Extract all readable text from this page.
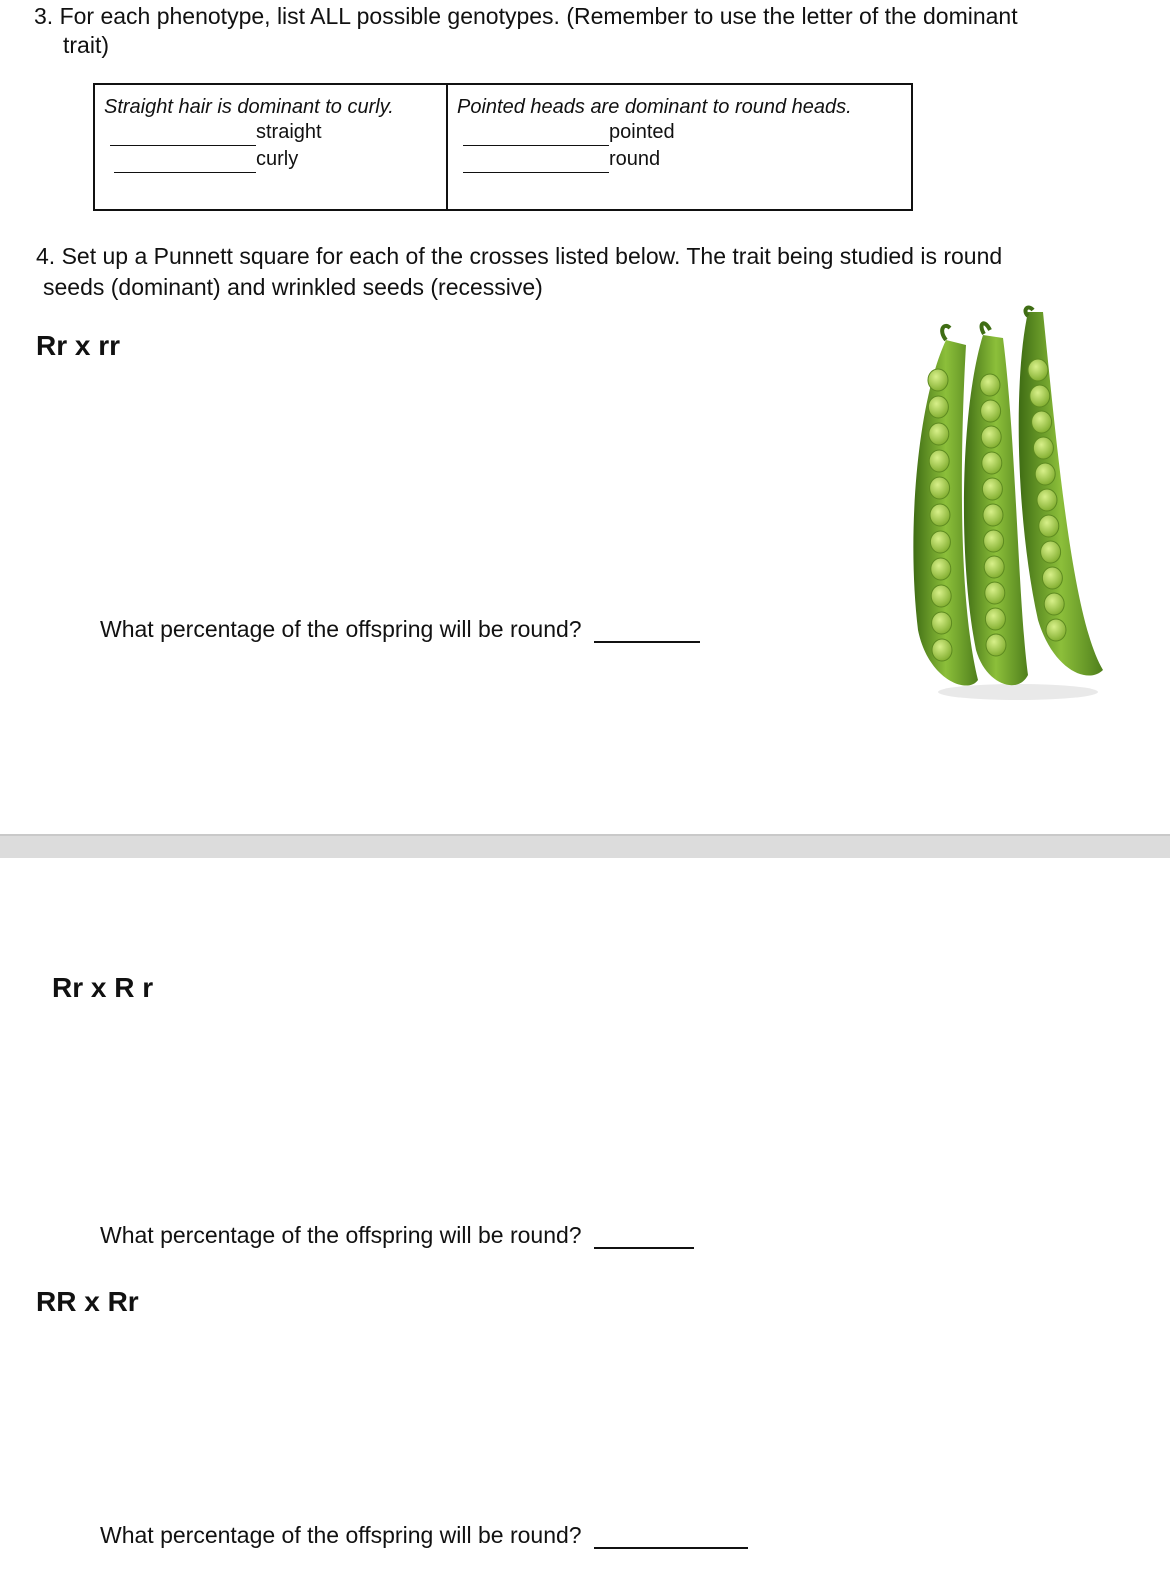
3. For each phenotype, list ALL possible genotypes. (Remember to use the letter of the dominant
trait)
Straight hair is dominant to curly.
straight
curly

Pointed heads are dominant to round heads.
pointed
round
4. Set up a Punnett square for each of the crosses listed below. The trait being studied is round
seeds (dominant) and wrinkled seeds (recessive)
Rr x rr
What percentage of the offspring will be round?
Rr x R r
What percentage of the offspring will be round?
RR x Rr
What percentage of the offspring will be round?
